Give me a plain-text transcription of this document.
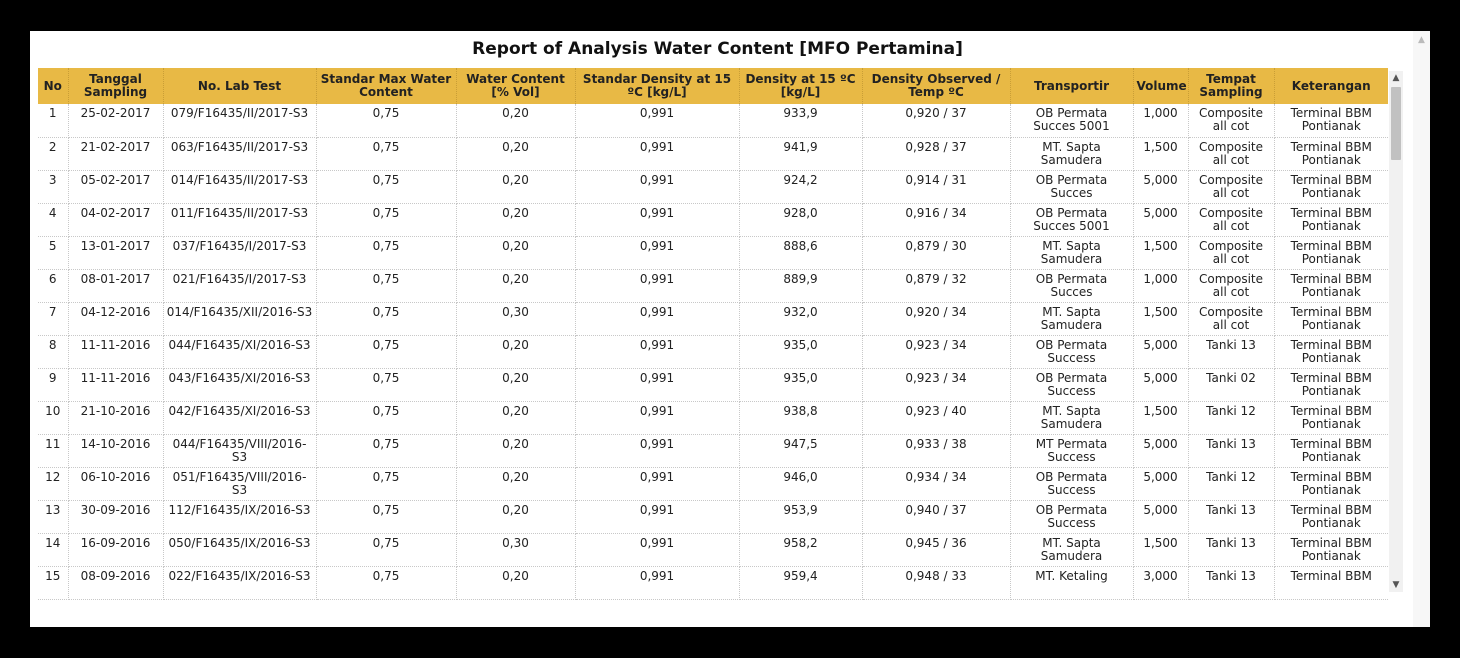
Report of Analysis Water Content [MFO Pertamina]
No	Tanggal Sampling	No. Lab Test	Standar Max Water Content	Water Content [% Vol]	Standar Density at 15 ºC [kg/L]	Density at 15 ºC [kg/L]	Density Observed / Temp ºC	Transportir	Volume	Tempat Sampling	Keterangan
1	25-02-2017	079/F16435/II/2017-S3	0,75	0,20	0,991	933,9	0,920 / 37	OB Permata Succes 5001	1,000	Composite all cot	Terminal BBM Pontianak
2	21-02-2017	063/F16435/II/2017-S3	0,75	0,20	0,991	941,9	0,928 / 37	MT. Sapta Samudera	1,500	Composite all cot	Terminal BBM Pontianak
3	05-02-2017	014/F16435/II/2017-S3	0,75	0,20	0,991	924,2	0,914 / 31	OB Permata Succes	5,000	Composite all cot	Terminal BBM Pontianak
4	04-02-2017	011/F16435/II/2017-S3	0,75	0,20	0,991	928,0	0,916 / 34	OB Permata Succes 5001	5,000	Composite all cot	Terminal BBM Pontianak
5	13-01-2017	037/F16435/I/2017-S3	0,75	0,20	0,991	888,6	0,879 / 30	MT. Sapta Samudera	1,500	Composite all cot	Terminal BBM Pontianak
6	08-01-2017	021/F16435/I/2017-S3	0,75	0,20	0,991	889,9	0,879 / 32	OB Permata Succes	1,000	Composite all cot	Terminal BBM Pontianak
7	04-12-2016	014/F16435/XII/2016-S3	0,75	0,30	0,991	932,0	0,920 / 34	MT. Sapta Samudera	1,500	Composite all cot	Terminal BBM Pontianak
8	11-11-2016	044/F16435/XI/2016-S3	0,75	0,20	0,991	935,0	0,923 / 34	OB Permata Success	5,000	Tanki 13	Terminal BBM Pontianak
9	11-11-2016	043/F16435/XI/2016-S3	0,75	0,20	0,991	935,0	0,923 / 34	OB Permata Success	5,000	Tanki 02	Terminal BBM Pontianak
10	21-10-2016	042/F16435/XI/2016-S3	0,75	0,20	0,991	938,8	0,923 / 40	MT. Sapta Samudera	1,500	Tanki 12	Terminal BBM Pontianak
11	14-10-2016	044/F16435/VIII/2016-S3	0,75	0,20	0,991	947,5	0,933 / 38	MT Permata Success	5,000	Tanki 13	Terminal BBM Pontianak
12	06-10-2016	051/F16435/VIII/2016-S3	0,75	0,20	0,991	946,0	0,934 / 34	OB Permata Success	5,000	Tanki 12	Terminal BBM Pontianak
13	30-09-2016	112/F16435/IX/2016-S3	0,75	0,20	0,991	953,9	0,940 / 37	OB Permata Success	5,000	Tanki 13	Terminal BBM Pontianak
14	16-09-2016	050/F16435/IX/2016-S3	0,75	0,30	0,991	958,2	0,945 / 36	MT. Sapta Samudera	1,500	Tanki 13	Terminal BBM Pontianak
15	08-09-2016	022/F16435/IX/2016-S3	0,75	0,20	0,991	959,4	0,948 / 33	MT. Ketaling	3,000	Tanki 13	Terminal BBM
▲
▼
▲
